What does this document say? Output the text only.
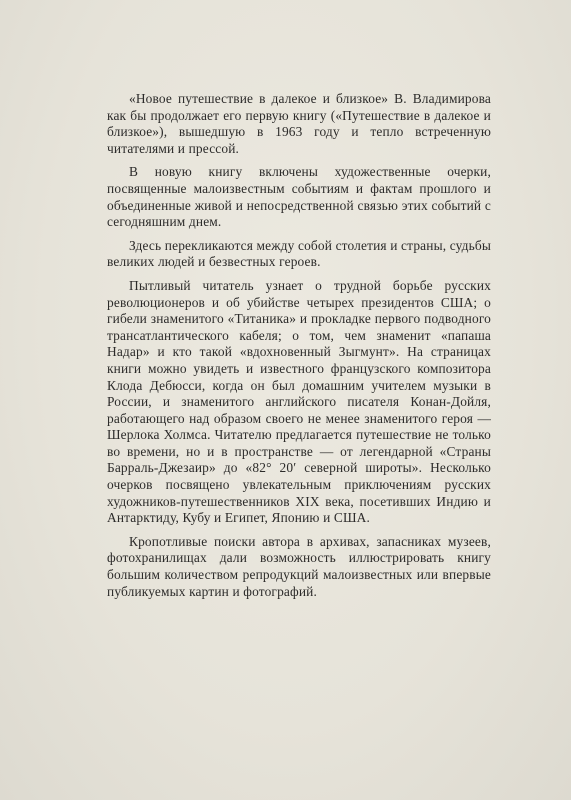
«Новое путешествие в далекое и близкое» В. Владимирова как бы продолжает его первую книгу («Путешествие в далекое и близкое»), вышедшую в 1963 году и тепло встреченную читателями и прессой.

В новую книгу включены художественные очерки, посвященные малоизвестным событиям и фактам прошлого и объединенные живой и непосредственной связью этих событий с сегодняшним днем.

Здесь перекликаются между собой столетия и страны, судьбы великих людей и безвестных героев.

Пытливый читатель узнает о трудной борьбе русских революционеров и об убийстве четырех президентов США; о гибели знаменитого «Титаника» и прокладке первого подводного трансатлантического кабеля; о том, чем знаменит «папаша Надар» и кто такой «вдохновенный Зыгмунт». На страницах книги можно увидеть и известного французского композитора Клода Дебюсси, когда он был домашним учителем музыки в России, и знаменитого английского писателя Конан-Дойля, работающего над образом своего не менее знаменитого героя — Шерлока Холмса. Читателю предлагается путешествие не только во времени, но и в пространстве — от легендарной «Страны Барраль-Джезаир» до «82° 20′ северной широты». Несколько очерков посвящено увлекательным приключениям русских художников-путешественников XIX века, посетивших Индию и Антарктиду, Кубу и Египет, Японию и США.

Кропотливые поиски автора в архивах, запасниках музеев, фотохранилищах дали возможность иллюстрировать книгу большим количеством репродукций малоизвестных или впервые публикуемых картин и фотографий.
